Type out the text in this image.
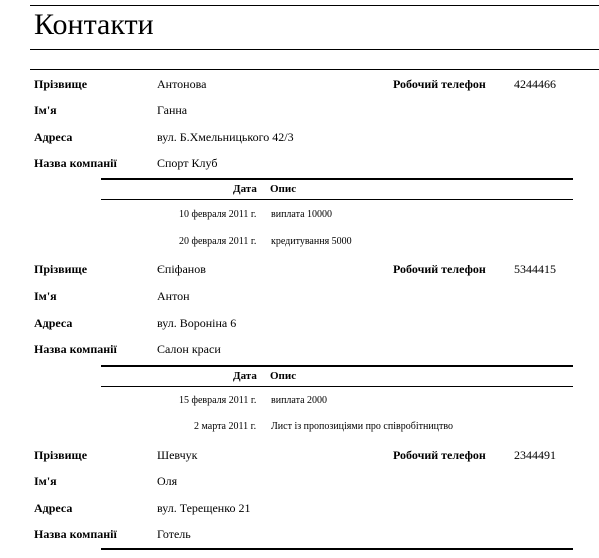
Контакти
Прізвище	Антонова	Робочий телефон 4244466
Ім'я	Ганна
Адреса	вул. Б.Хмельницького 42/3
Назва компанії	Спорт Клуб
Дата Опис
10 февраля 2011 г. виплата 10000
20 февраля 2011 г. кредитування 5000
Прізвище	Єпіфанов	Робочий телефон 5344415
Ім'я	Антон
Адреса	вул. Вороніна 6
Назва компанії	Салон краси
Дата Опис
15 февраля 2011 г. виплата 2000
2 марта 2011 г. Лист із пропозиціями про співробітництво
Прізвище	Шевчук	Робочий телефон 2344491
Ім'я	Оля
Адреса	вул. Терещенко 21
Назва компанії	Готель
